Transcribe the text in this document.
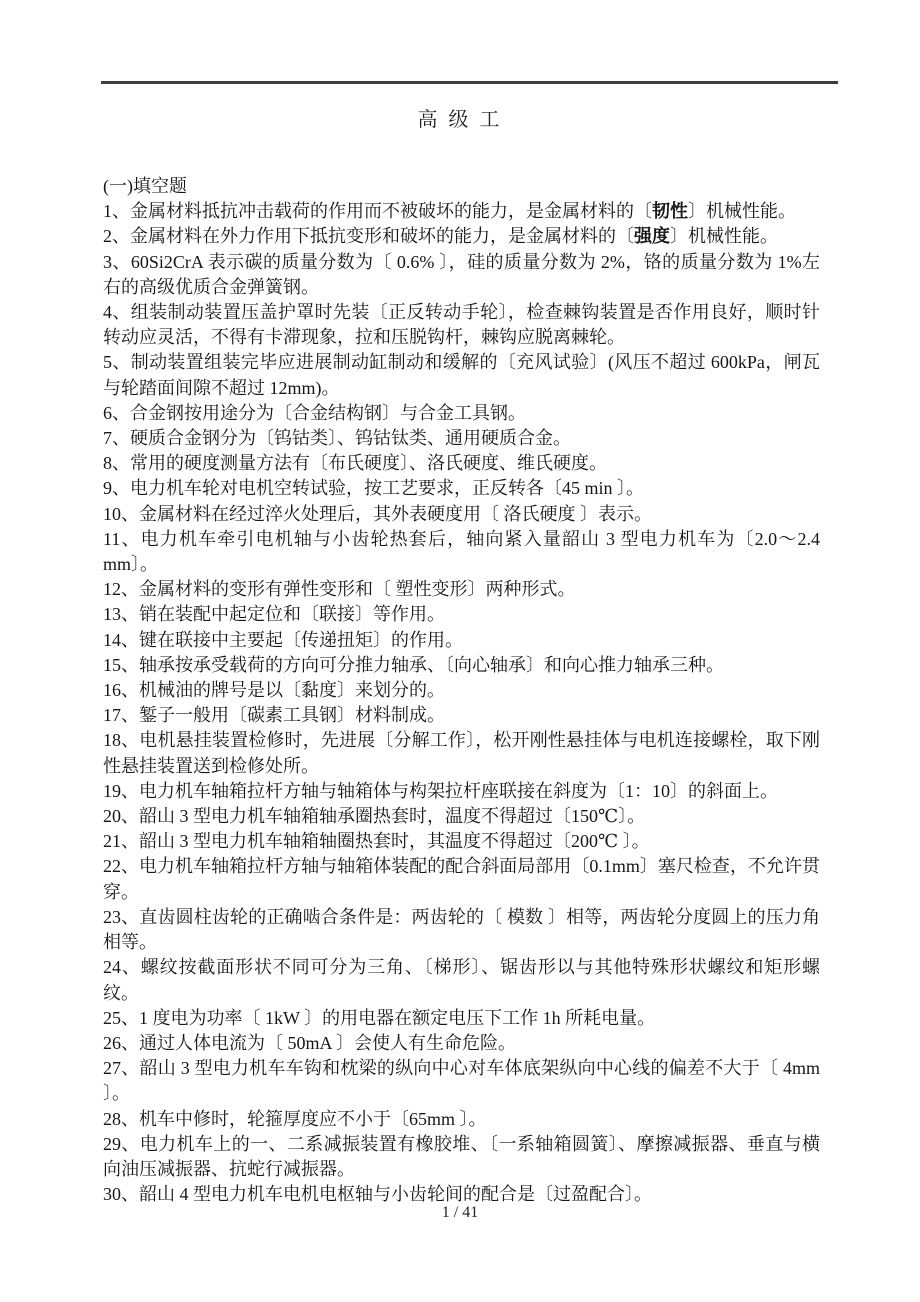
高 级 工

(一)填空题

1、金属材料抵抗冲击载荷的作用而不被破坏的能力，是金属材料的〔韧性〕机械性能。

2、金属材料在外力作用下抵抗变形和破坏的能力，是金属材料的〔强度〕机械性能。

3、60Si2CrA 表示碳的质量分数为〔 0.6% 〕，硅的质量分数为 2%，铬的质量分数为 1%左右的高级优质合金弹簧钢。

4、组装制动装置压盖护罩时先装〔正反转动手轮〕，检查棘钩装置是否作用良好，顺时针转动应灵活，不得有卡滞现象，拉和压脱钩杆，棘钩应脱离棘轮。

5、制动装置组装完毕应进展制动缸制动和缓解的〔充风试验〕(风压不超过 600kPa，闸瓦与轮踏面间隙不超过 12mm)。

6、合金钢按用途分为〔合金结构钢〕与合金工具钢。

7、硬质合金钢分为〔钨钴类〕、钨钴钛类、通用硬质合金。

8、常用的硬度测量方法有〔布氏硬度〕、洛氏硬度、维氏硬度。

9、电力机车轮对电机空转试验，按工艺要求，正反转各〔45 min 〕。

10、金属材料在经过淬火处理后，其外表硬度用〔 洛氏硬度 〕表示。

11、电力机车牵引电机轴与小齿轮热套后，轴向紧入量韶山 3 型电力机车为〔2.0～2.4 mm〕。

12、金属材料的变形有弹性变形和〔 塑性变形〕两种形式。

13、销在装配中起定位和〔联接〕等作用。

14、键在联接中主要起〔传递扭矩〕的作用。

15、轴承按承受载荷的方向可分推力轴承、〔向心轴承〕和向心推力轴承三种。

16、机械油的牌号是以〔黏度〕来划分的。

17、錾子一般用〔碳素工具钢〕材料制成。

18、电机悬挂装置检修时，先进展〔分解工作〕，松开刚性悬挂体与电机连接螺栓，取下刚性悬挂装置送到检修处所。

19、电力机车轴箱拉杆方轴与轴箱体与构架拉杆座联接在斜度为〔1：10〕的斜面上。

20、韶山 3 型电力机车轴箱轴承圈热套时，温度不得超过〔150℃〕。

21、韶山 3 型电力机车轴箱轴圈热套时，其温度不得超过〔200℃ 〕。

22、电力机车轴箱拉杆方轴与轴箱体装配的配合斜面局部用〔0.1mm〕塞尺检查，不允许贯穿。

23、直齿圆柱齿轮的正确啮合条件是：两齿轮的〔 模数 〕相等，两齿轮分度圆上的压力角相等。

24、螺纹按截面形状不同可分为三角、〔梯形〕、锯齿形以与其他特殊形状螺纹和矩形螺纹。

25、1 度电为功率〔 1kW 〕的用电器在额定电压下工作 1h 所耗电量。

26、通过人体电流为〔 50mA 〕会使人有生命危险。

27、韶山 3 型电力机车车钩和枕梁的纵向中心对车体底架纵向中心线的偏差不大于〔 4mm 〕。

28、机车中修时，轮箍厚度应不小于〔65mm 〕。

29、电力机车上的一、二系减振装置有橡胶堆、〔一系轴箱圆簧〕、摩擦减振器、垂直与横向油压减振器、抗蛇行减振器。

30、韶山 4 型电力机车电机电枢轴与小齿轮间的配合是〔过盈配合〕。

1 / 41
